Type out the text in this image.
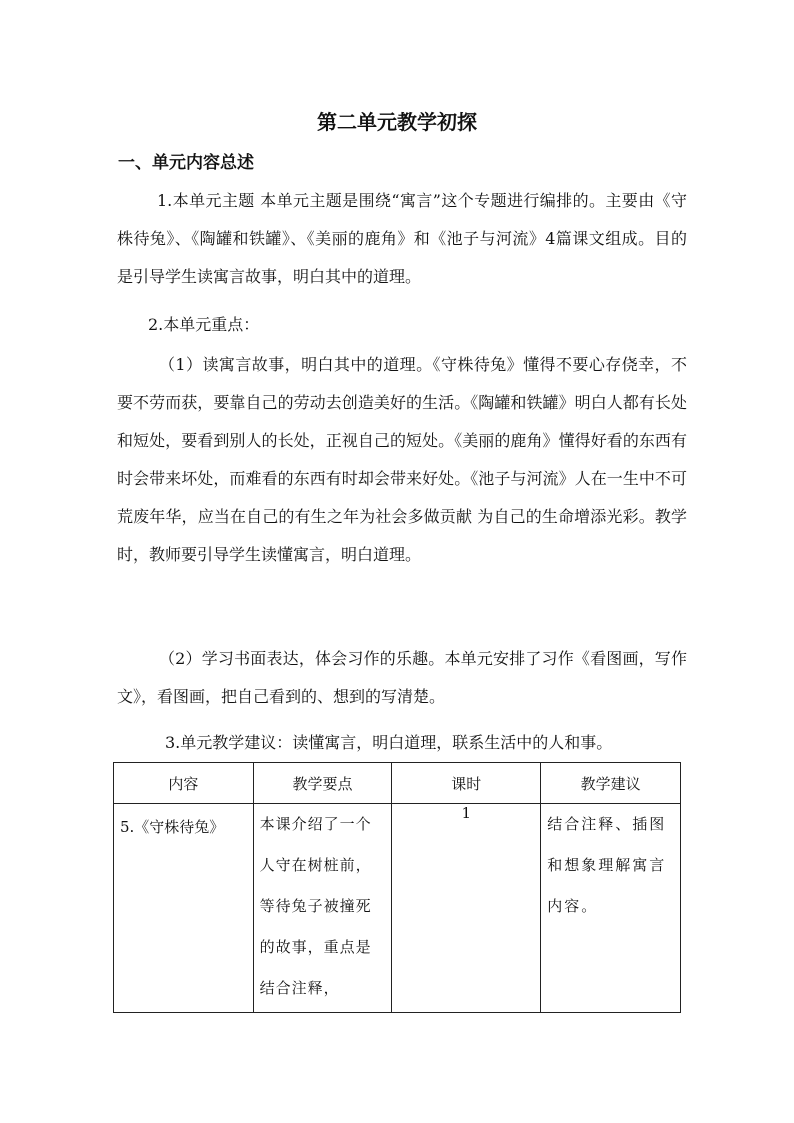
第二单元教学初探
一、单元内容总述

1.本单元主题 本单元主题是围绕“寓言”这个专题进行编排的。主要由《守株待兔》、《陶罐和铁罐》、《美丽的鹿角》和《池子与河流》4篇课文组成。目的是引导学生读寓言故事，明白其中的道理。

2.本单元重点：

（1）读寓言故事，明白其中的道理。《守株待兔》懂得不要心存侥幸，不要不劳而获，要靠自己的劳动去创造美好的生活。《陶罐和铁罐》明白人都有长处和短处，要看到别人的长处，正视自己的短处。《美丽的鹿角》懂得好看的东西有时会带来坏处，而难看的东西有时却会带来好处。《池子与河流》人在一生中不可荒废年华，应当在自己的有生之年为社会多做贡献 为自己的生命增添光彩。教学时，教师要引导学生读懂寓言，明白道理。

（2）学习书面表达，体会习作的乐趣。本单元安排了习作《看图画，写作文》，看图画，把自己看到的、想到的写清楚。

3.单元教学建议：读懂寓言，明白道理，联系生活中的人和事。

内容	教学要点	课时	教学建议
5.《守株待兔》	本课介绍了一个人守在树桩前，等待兔子被撞死的故事，重点是结合注释，	1	结合注释、插图和想象理解寓言内容。
